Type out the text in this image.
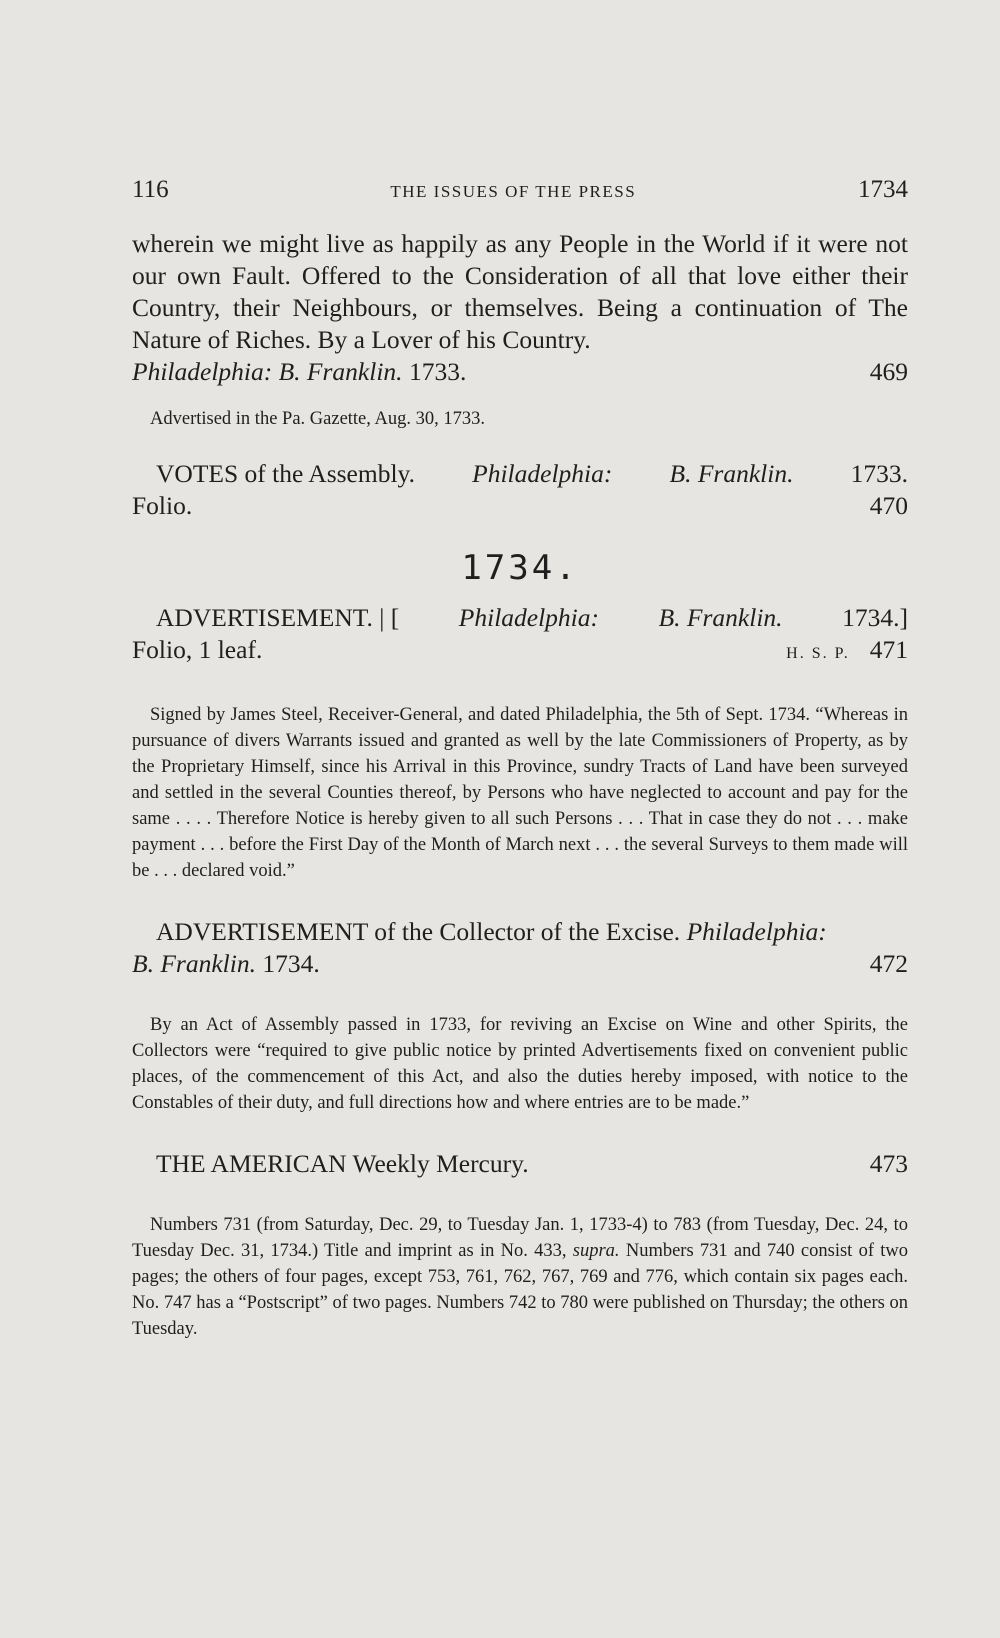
116	THE ISSUES OF THE PRESS	1734
wherein we might live as happily as any People in the World if it were not our own Fault. Offered to the Consideration of all that love either their Country, their Neighbours, or themselves. Being a continuation of The Nature of Riches. By a Lover of his Country.
Philadelphia: B. Franklin. 1733.	469

Advertised in the Pa. Gazette, Aug. 30, 1733.

VOTES of the Assembly. Philadelphia: B. Franklin. 1733.
Folio.	470
1734.
ADVERTISEMENT. | [ Philadelphia: B. Franklin. 1734.]
Folio, 1 leaf.	H. S. P. 471

Signed by James Steel, Receiver-General, and dated Philadelphia, the 5th of Sept. 1734. “Whereas in pursuance of divers Warrants issued and granted as well by the late Commissioners of Property, as by the Proprietary Himself, since his Arrival in this Province, sundry Tracts of Land have been surveyed and settled in the several Counties thereof, by Persons who have neglected to account and pay for the same . . . . Therefore Notice is hereby given to all such Persons . . . That in case they do not . . . make payment . . . before the First Day of the Month of March next . . . the several Surveys to them made will be . . . declared void.”

ADVERTISEMENT of the Collector of the Excise. Philadelphia:
B. Franklin. 1734.	472

By an Act of Assembly passed in 1733, for reviving an Excise on Wine and other Spirits, the Collectors were “required to give public notice by printed Advertisements fixed on convenient public places, of the commencement of this Act, and also the duties hereby imposed, with notice to the Constables of their duty, and full directions how and where entries are to be made.”

THE AMERICAN Weekly Mercury.	473

Numbers 731 (from Saturday, Dec. 29, to Tuesday Jan. 1, 1733-4) to 783 (from Tuesday, Dec. 24, to Tuesday Dec. 31, 1734.) Title and imprint as in No. 433, supra. Numbers 731 and 740 consist of two pages; the others of four pages, except 753, 761, 762, 767, 769 and 776, which contain six pages each. No. 747 has a “Postscript” of two pages. Numbers 742 to 780 were published on Thursday; the others on Tuesday.
